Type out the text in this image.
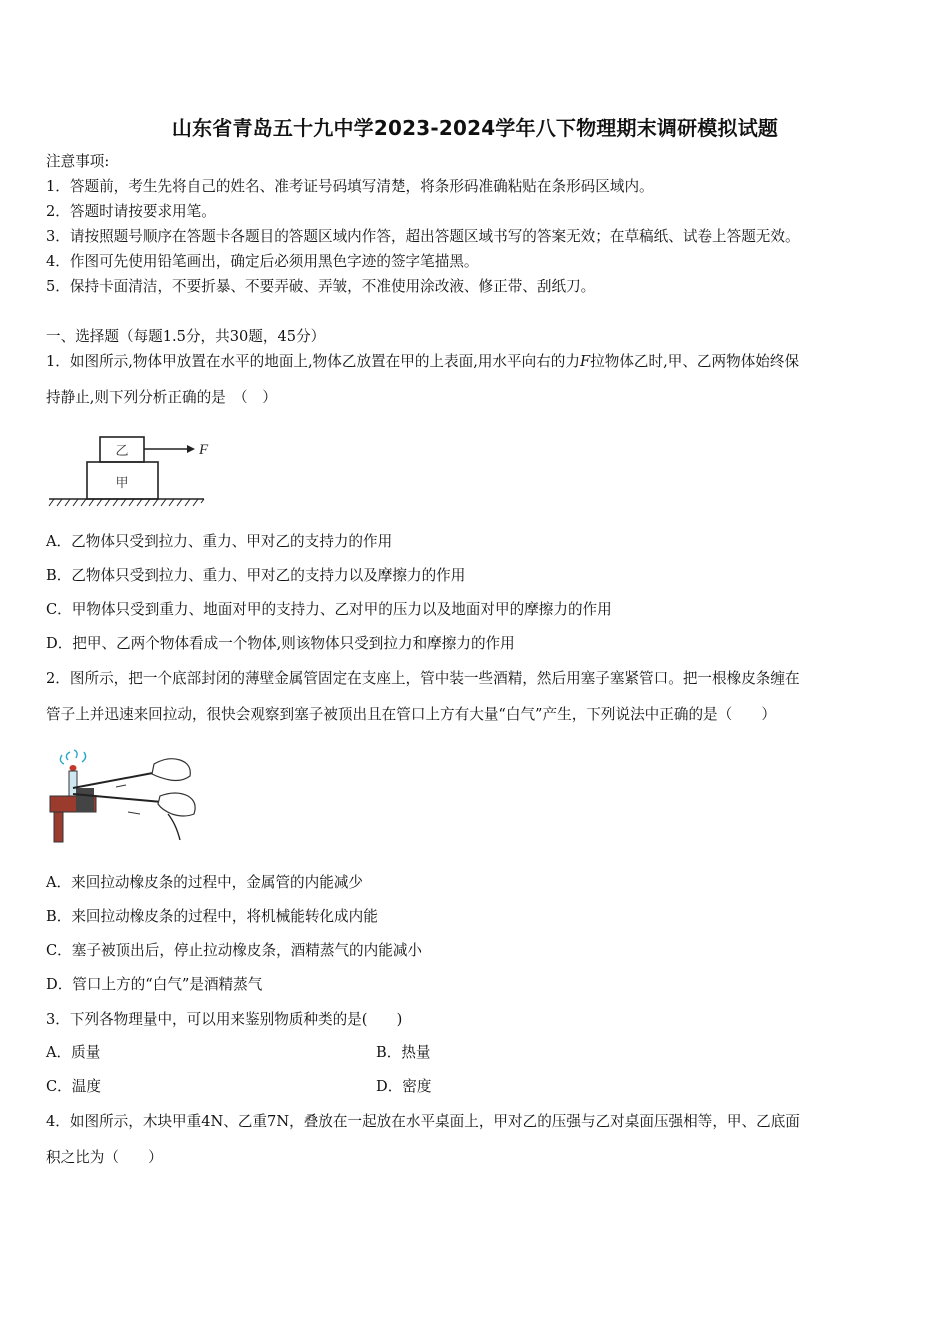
山东省青岛五十九中学2023-2024学年八下物理期末调研模拟试题
注意事项:
1．答题前，考生先将自己的姓名、准考证号码填写清楚，将条形码准确粘贴在条形码区域内。
2．答题时请按要求用笔。
3．请按照题号顺序在答题卡各题目的答题区域内作答，超出答题区域书写的答案无效；在草稿纸、试卷上答题无效。
4．作图可先使用铅笔画出，确定后必须用黑色字迹的签字笔描黑。
5．保持卡面清洁，不要折暴、不要弄破、弄皱，不准使用涂改液、修正带、刮纸刀。
一、选择题（每题1.5分，共30题，45分）
1．如图所示,物体甲放置在水平的地面上,物体乙放置在甲的上表面,用水平向右的力F拉物体乙时,甲、乙两物体始终保
持静止,则下列分析正确的是　（　）
乙
甲
F
A．乙物体只受到拉力、重力、甲对乙的支持力的作用
B．乙物体只受到拉力、重力、甲对乙的支持力以及摩擦力的作用
C．甲物体只受到重力、地面对甲的支持力、乙对甲的压力以及地面对甲的摩擦力的作用
D．把甲、乙两个物体看成一个物体,则该物体只受到拉力和摩擦力的作用
2．图所示，把一个底部封闭的薄壁金属管固定在支座上，管中装一些酒精，然后用塞子塞紧管口。把一根橡皮条缠在
管子上并迅速来回拉动，很快会观察到塞子被顶出且在管口上方有大量“白气”产生，下列说法中正确的是（　　）
A．来回拉动橡皮条的过程中，金属管的内能减少
B．来回拉动橡皮条的过程中，将机械能转化成内能
C．塞子被顶出后，停止拉动橡皮条，酒精蒸气的内能减小
D．管口上方的“白气”是酒精蒸气
3．下列各物理量中，可以用来鉴别物质种类的是(　　)
A．质量	B．热量
C．温度	D．密度
4．如图所示，木块甲重4N、乙重7N，叠放在一起放在水平桌面上，甲对乙的压强与乙对桌面压强相等，甲、乙底面
积之比为（　　）
